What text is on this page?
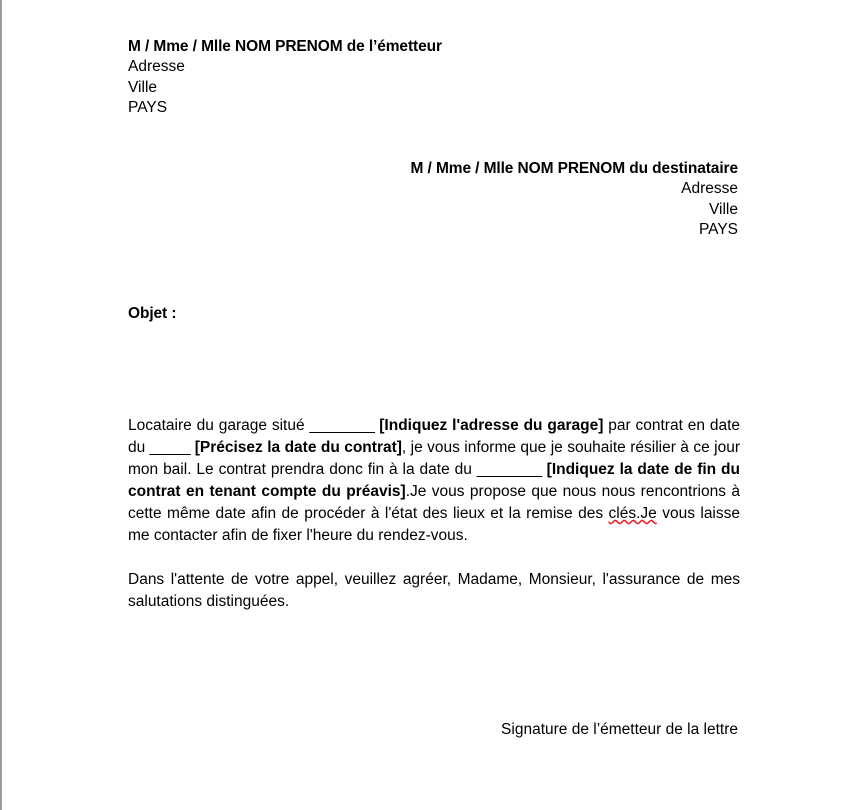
M / Mme / Mlle NOM PRENOM de l’émetteur
Adresse
Ville
PAYS
M / Mme / Mlle NOM PRENOM du destinataire
Adresse
Ville
PAYS
Objet :

Locataire du garage situé ________ [Indiquez l'adresse du garage] par contrat en date du _____ [Précisez la date du contrat], je vous informe que je souhaite résilier à ce jour mon bail. Le contrat prendra donc fin à la date du ________ [Indiquez la date de fin du contrat en tenant compte du préavis].Je vous propose que nous nous rencontrions à cette même date afin de procéder à l'état des lieux et la remise des clés.Je vous laisse me contacter afin de fixer l'heure du rendez-vous.

Dans l'attente de votre appel, veuillez agréer, Madame, Monsieur, l'assurance de mes salutations distinguées.

Signature de l’émetteur de la lettre
